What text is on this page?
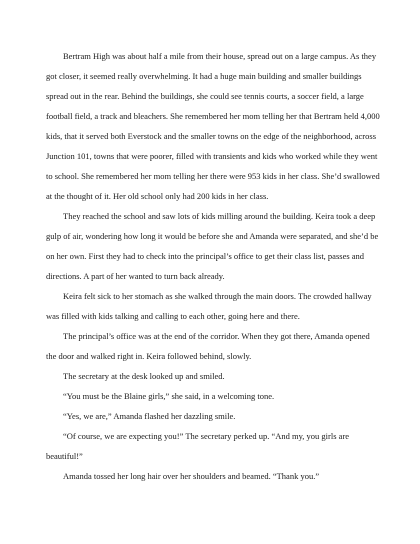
Bertram High was about half a mile from their house, spread out on a large campus. As they got closer, it seemed really overwhelming. It had a huge main building and smaller buildings spread out in the rear. Behind the buildings, she could see tennis courts, a soccer field, a large football field, a track and bleachers. She remembered her mom telling her that Bertram held 4,000 kids, that it served both Everstock and the smaller towns on the edge of the neighborhood, across Junction 101, towns that were poorer, filled with transients and kids who worked while they went to school. She remembered her mom telling her there were 953 kids in her class. She’d swallowed at the thought of it. Her old school only had 200 kids in her class.

They reached the school and saw lots of kids milling around the building. Keira took a deep gulp of air, wondering how long it would be before she and Amanda were separated, and she’d be on her own. First they had to check into the principal’s office to get their class list, passes and directions. A part of her wanted to turn back already.

Keira felt sick to her stomach as she walked through the main doors. The crowded hallway was filled with kids talking and calling to each other, going here and there.

The principal’s office was at the end of the corridor. When they got there, Amanda opened the door and walked right in. Keira followed behind, slowly.

The secretary at the desk looked up and smiled.

“You must be the Blaine girls,” she said, in a welcoming tone.

“Yes, we are,” Amanda flashed her dazzling smile.

“Of course, we are expecting you!” The secretary perked up. “And my, you girls are beautiful!”

Amanda tossed her long hair over her shoulders and beamed. “Thank you.”
